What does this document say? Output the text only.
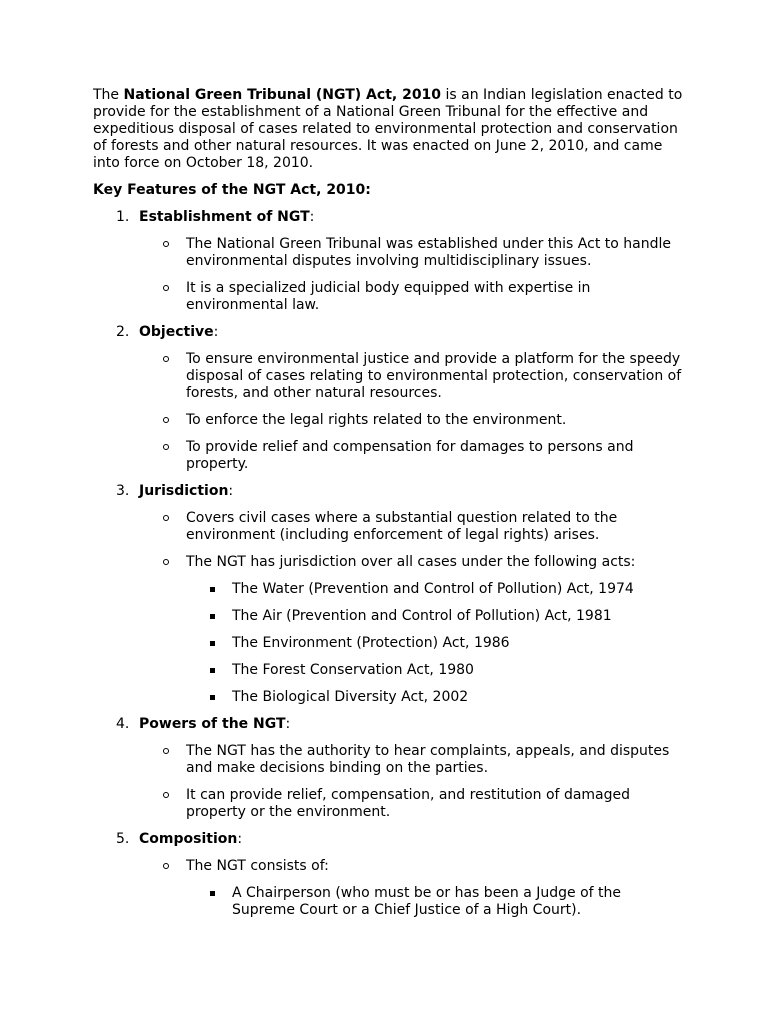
The National Green Tribunal (NGT) Act, 2010 is an Indian legislation enacted to provide for the establishment of a National Green Tribunal for the effective and expeditious disposal of cases related to environmental protection and conservation of forests and other natural resources. It was enacted on June 2, 2010, and came into force on October 18, 2010.

Key Features of the NGT Act, 2010:

1. Establishment of NGT:
The National Green Tribunal was established under this Act to handle environmental disputes involving multidisciplinary issues.
It is a specialized judicial body equipped with expertise in environmental law.
2. Objective:
To ensure environmental justice and provide a platform for the speedy disposal of cases relating to environmental protection, conservation of forests, and other natural resources.
To enforce the legal rights related to the environment.
To provide relief and compensation for damages to persons and property.
3. Jurisdiction:
Covers civil cases where a substantial question related to the environment (including enforcement of legal rights) arises.
The NGT has jurisdiction over all cases under the following acts:
The Water (Prevention and Control of Pollution) Act, 1974
The Air (Prevention and Control of Pollution) Act, 1981
The Environment (Protection) Act, 1986
The Forest Conservation Act, 1980
The Biological Diversity Act, 2002
4. Powers of the NGT:
The NGT has the authority to hear complaints, appeals, and disputes and make decisions binding on the parties.
It can provide relief, compensation, and restitution of damaged property or the environment.
5. Composition:
The NGT consists of:
A Chairperson (who must be or has been a Judge of the Supreme Court or a Chief Justice of a High Court).
